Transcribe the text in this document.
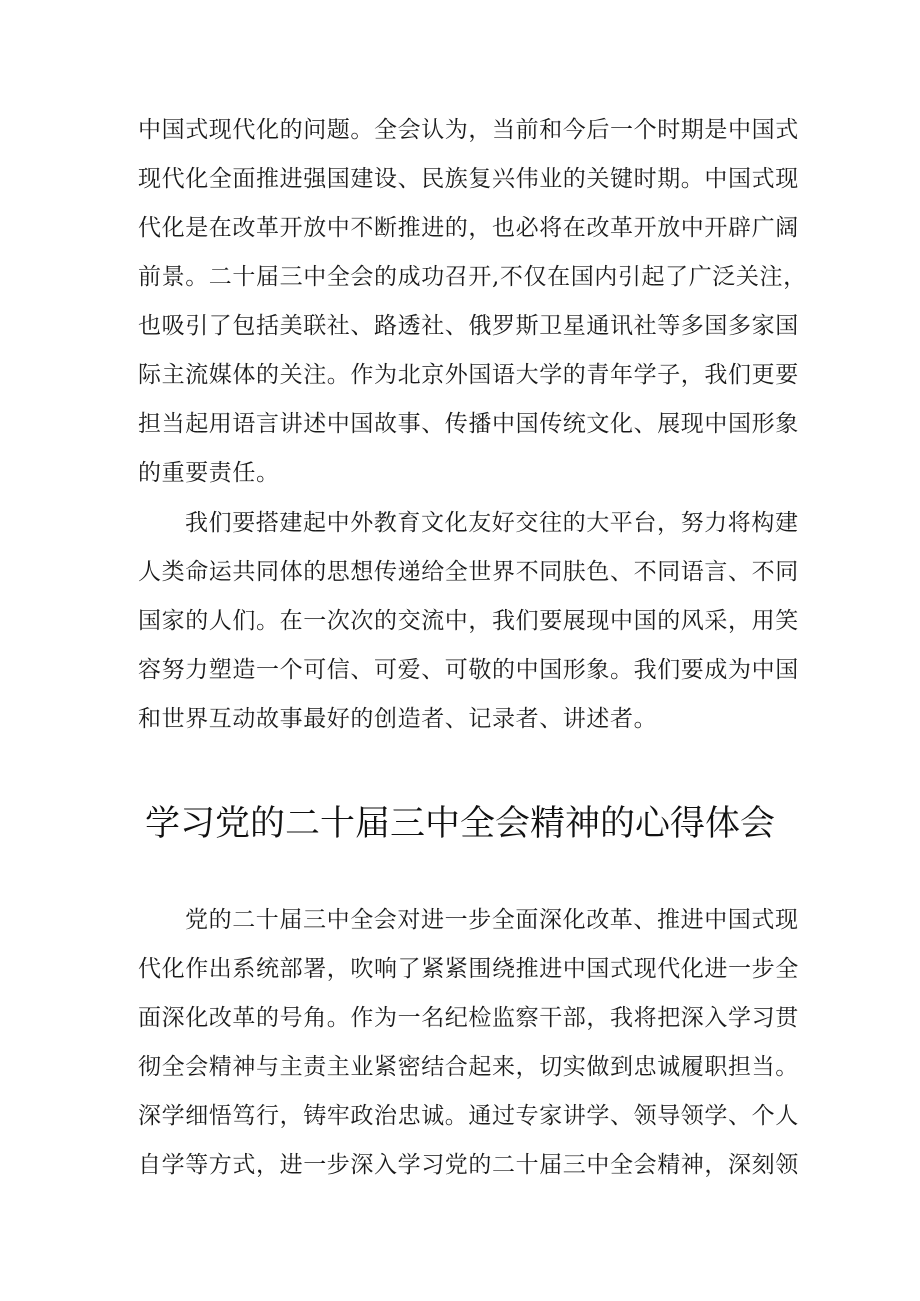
中国式现代化的问题。全会认为，当前和今后一个时期是中国式
现代化全面推进强国建设、民族复兴伟业的关键时期。中国式现
代化是在改革开放中不断推进的，也必将在改革开放中开辟广阔
前景。二十届三中全会的成功召开,不仅在国内引起了广泛关注，
也吸引了包括美联社、路透社、俄罗斯卫星通讯社等多国多家国
际主流媒体的关注。作为北京外国语大学的青年学子，我们更要
担当起用语言讲述中国故事、传播中国传统文化、展现中国形象
的重要责任。
我们要搭建起中外教育文化友好交往的大平台，努力将构建
人类命运共同体的思想传递给全世界不同肤色、不同语言、不同
国家的人们。在一次次的交流中，我们要展现中国的风采，用笑
容努力塑造一个可信、可爱、可敬的中国形象。我们要成为中国
和世界互动故事最好的创造者、记录者、讲述者。
学习党的二十届三中全会精神的心得体会
党的二十届三中全会对进一步全面深化改革、推进中国式现
代化作出系统部署，吹响了紧紧围绕推进中国式现代化进一步全
面深化改革的号角。作为一名纪检监察干部，我将把深入学习贯
彻全会精神与主责主业紧密结合起来，切实做到忠诚履职担当。
深学细悟笃行，铸牢政治忠诚。通过专家讲学、领导领学、个人
自学等方式，进一步深入学习党的二十届三中全会精神，深刻领
